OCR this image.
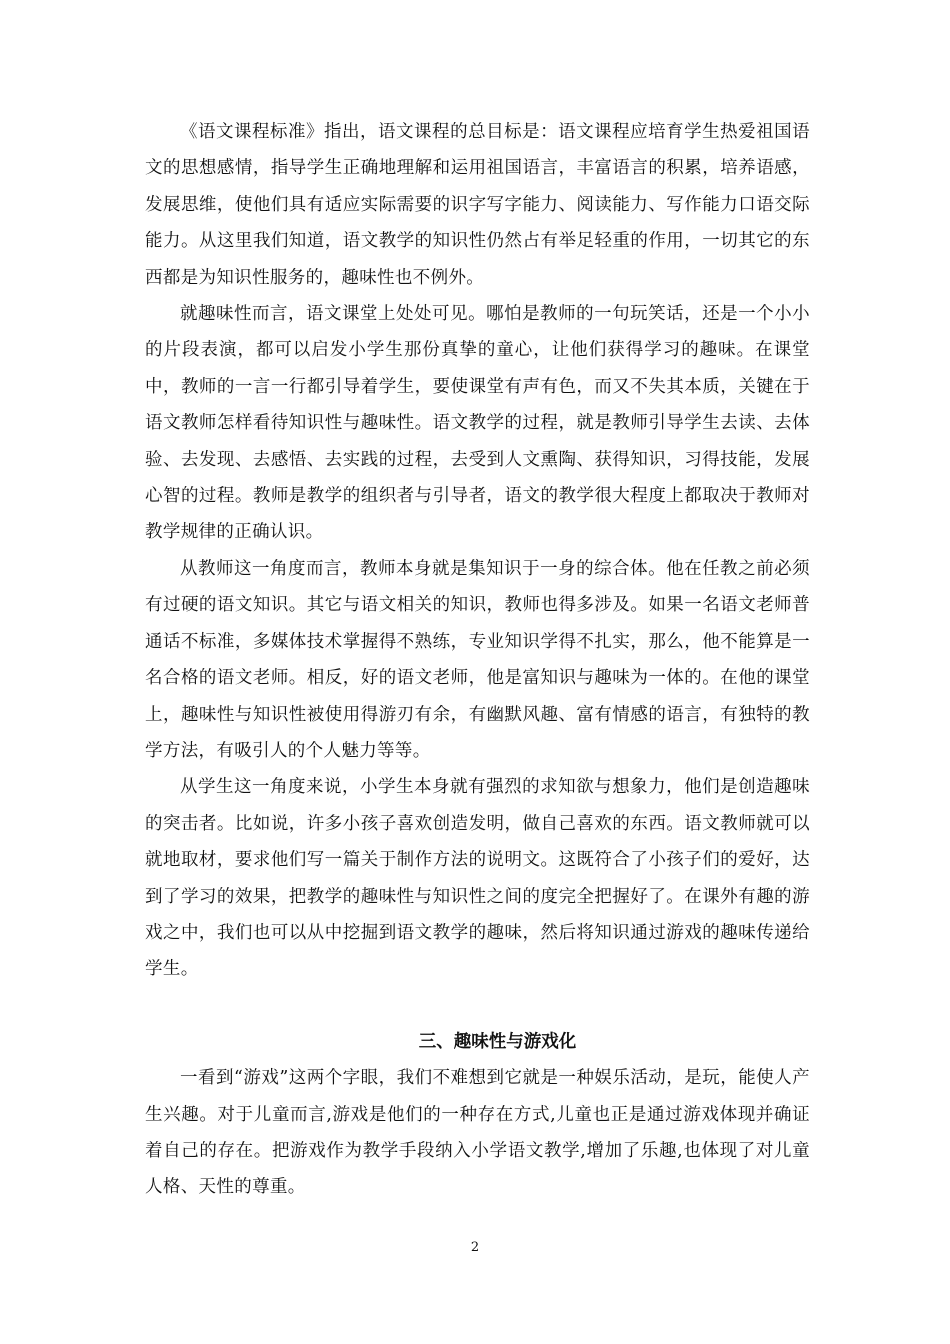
《语文课程标准》指出，语文课程的总目标是：语文课程应培育学生热爱祖国语文的思想感情，指导学生正确地理解和运用祖国语言，丰富语言的积累，培养语感，发展思维，使他们具有适应实际需要的识字写字能力、阅读能力、写作能力口语交际能力。从这里我们知道，语文教学的知识性仍然占有举足轻重的作用，一切其它的东西都是为知识性服务的，趣味性也不例外。

就趣味性而言，语文课堂上处处可见。哪怕是教师的一句玩笑话，还是一个小小的片段表演，都可以启发小学生那份真挚的童心，让他们获得学习的趣味。在课堂中，教师的一言一行都引导着学生，要使课堂有声有色，而又不失其本质，关键在于语文教师怎样看待知识性与趣味性。语文教学的过程，就是教师引导学生去读、去体验、去发现、去感悟、去实践的过程，去受到人文熏陶、获得知识，习得技能，发展心智的过程。教师是教学的组织者与引导者，语文的教学很大程度上都取决于教师对教学规律的正确认识。

从教师这一角度而言，教师本身就是集知识于一身的综合体。他在任教之前必须有过硬的语文知识。其它与语文相关的知识，教师也得多涉及。如果一名语文老师普通话不标准，多媒体技术掌握得不熟练，专业知识学得不扎实，那么，他不能算是一名合格的语文老师。相反，好的语文老师，他是富知识与趣味为一体的。在他的课堂上，趣味性与知识性被使用得游刃有余，有幽默风趣、富有情感的语言，有独特的教学方法，有吸引人的个人魅力等等。

从学生这一角度来说，小学生本身就有强烈的求知欲与想象力，他们是创造趣味的突击者。比如说，许多小孩子喜欢创造发明，做自己喜欢的东西。语文教师就可以就地取材，要求他们写一篇关于制作方法的说明文。这既符合了小孩子们的爱好，达到了学习的效果，把教学的趣味性与知识性之间的度完全把握好了。在课外有趣的游戏之中，我们也可以从中挖掘到语文教学的趣味，然后将知识通过游戏的趣味传递给学生。

三、趣味性与游戏化

一看到“游戏”这两个字眼，我们不难想到它就是一种娱乐活动，是玩，能使人产生兴趣。对于儿童而言,游戏是他们的一种存在方式,儿童也正是通过游戏体现并确证着自己的存在。把游戏作为教学手段纳入小学语文教学,增加了乐趣,也体现了对儿童人格、天性的尊重。

2
